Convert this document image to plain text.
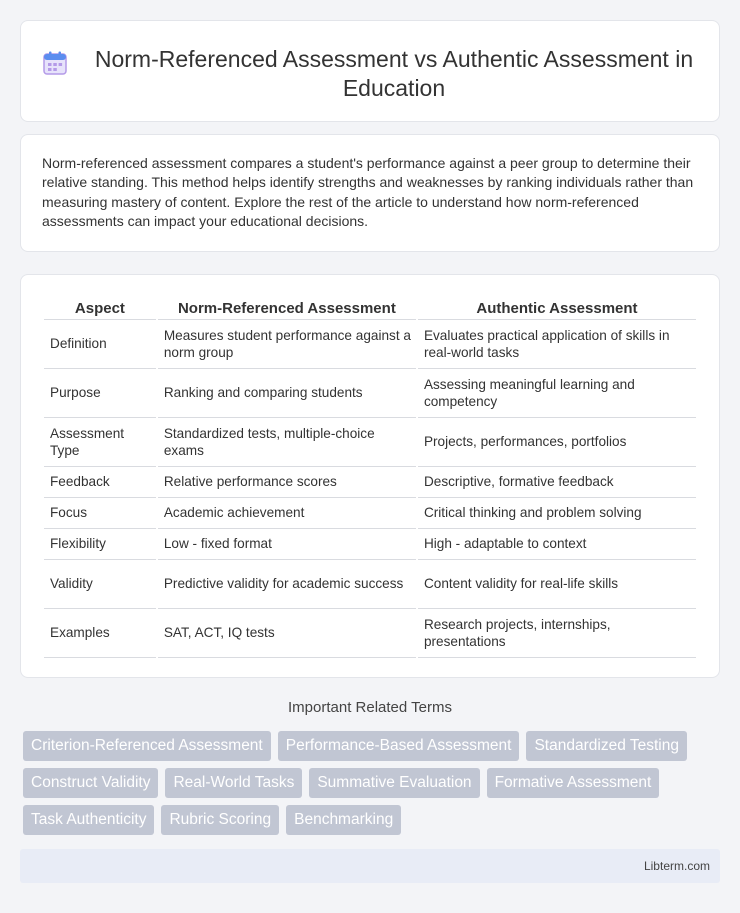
Norm-Referenced Assessment vs Authentic Assessment in Education

Norm-referenced assessment compares a student's performance against a peer group to determine their relative standing. This method helps identify strengths and weaknesses by ranking individuals rather than measuring mastery of content. Explore the rest of the article to understand how norm-referenced assessments can impact your educational decisions.

Aspect	Norm-Referenced Assessment	Authentic Assessment
Definition	Measures student performance against a norm group	Evaluates practical application of skills in real-world tasks
Purpose	Ranking and comparing students	Assessing meaningful learning and competency
Assessment Type	Standardized tests, multiple-choice exams	Projects, performances, portfolios
Feedback	Relative performance scores	Descriptive, formative feedback
Focus	Academic achievement	Critical thinking and problem solving
Flexibility	Low - fixed format	High - adaptable to context
Validity	Predictive validity for academic success	Content validity for real-life skills
Examples	SAT, ACT, IQ tests	Research projects, internships, presentations
Important Related Terms
Criterion-Referenced Assessment	Performance-Based Assessment	Standardized Testing
Construct Validity	Real-World Tasks	Summative Evaluation	Formative Assessment
Task Authenticity	Rubric Scoring	Benchmarking
Libterm.com
